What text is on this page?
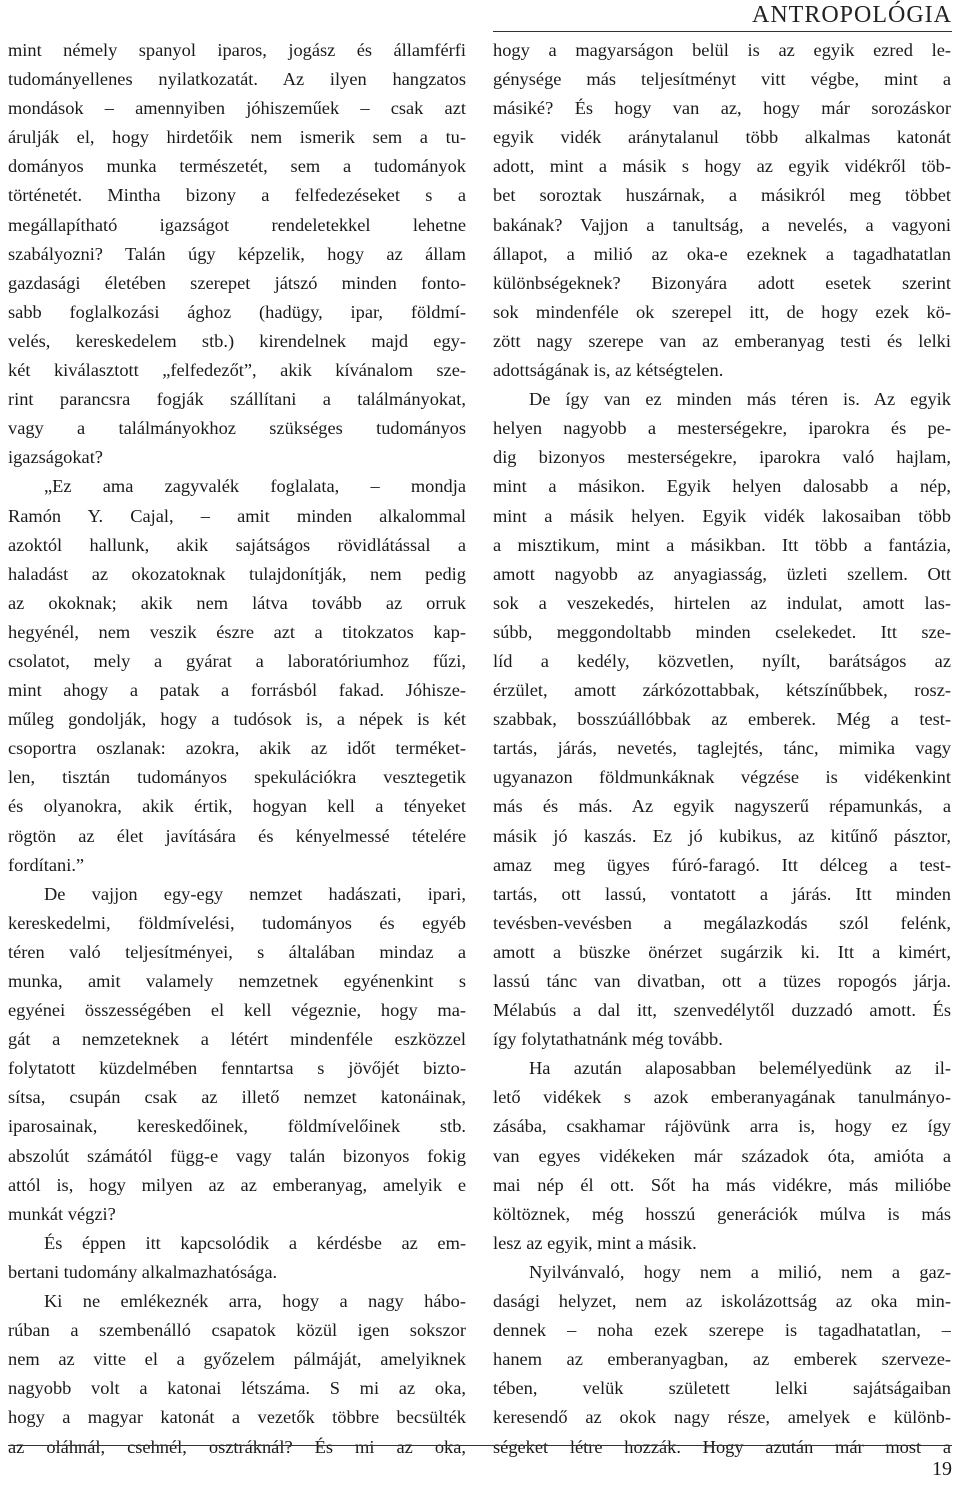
ANTROPOLÓGIA
mint némely spanyol iparos, jogász és államférfi
tudományellenes nyilatkozatát. Az ilyen hangzatos
mondások – amennyiben jóhiszeműek – csak azt
árulják el, hogy hirdetőik nem ismerik sem a tu-
dományos munka természetét, sem a tudományok
történetét. Mintha bizony a felfedezéseket s a
megállapítható igazságot rendeletekkel lehetne
szabályozni? Talán úgy képzelik, hogy az állam
gazdasági életében szerepet játszó minden fonto-
sabb foglalkozási ághoz (hadügy, ipar, földmí-
velés, kereskedelem stb.) kirendelnek majd egy-
két kiválasztott „felfedezőt”, akik kívánalom sze-
rint parancsra fogják szállítani a találmányokat,
vagy a találmányokhoz szükséges tudományos
igazságokat?
„Ez ama zagyvalék foglalata, – mondja
Ramón Y. Cajal, – amit minden alkalommal
azoktól hallunk, akik sajátságos rövidlátással a
haladást az okozatoknak tulajdonítják, nem pedig
az okoknak; akik nem látva tovább az orruk
hegyénél, nem veszik észre azt a titokzatos kap-
csolatot, mely a gyárat a laboratóriumhoz fűzi,
mint ahogy a patak a forrásból fakad. Jóhisze-
műleg gondolják, hogy a tudósok is, a népek is két
csoportra oszlanak: azokra, akik az időt terméket-
len, tisztán tudományos spekulációkra vesztegetik
és olyanokra, akik értik, hogyan kell a tényeket
rögtön az élet javítására és kényelmessé tételére
fordítani.”
De vajjon egy-egy nemzet hadászati, ipari,
kereskedelmi, földmívelési, tudományos és egyéb
téren való teljesítményei, s általában mindaz a
munka, amit valamely nemzetnek egyénenkint s
egyénei összességében el kell végeznie, hogy ma-
gát a nemzeteknek a létért mindenféle eszközzel
folytatott küzdelmében fenntartsa s jövőjét bizto-
sítsa, csupán csak az illető nemzet katonáinak,
iparosainak, kereskedőinek, földmívelőinek stb.
abszolút számától függ-e vagy talán bizonyos fokig
attól is, hogy milyen az az emberanyag, amelyik e
munkát végzi?
És éppen itt kapcsolódik a kérdésbe az em-
bertani tudomány alkalmazhatósága.
Ki ne emlékeznék arra, hogy a nagy hábo-
rúban a szembenálló csapatok közül igen sokszor
nem az vitte el a győzelem pálmáját, amelyiknek
nagyobb volt a katonai létszáma. S mi az oka,
hogy a magyar katonát a vezetők többre becsülték
az oláhnál, csehnél, osztráknál? És mi az oka,
hogy a magyarságon belül is az egyik ezred le-
génysége más teljesítményt vitt végbe, mint a
másiké? És hogy van az, hogy már sorozáskor
egyik vidék aránytalanul több alkalmas katonát
adott, mint a másik s hogy az egyik vidékről töb-
bet soroztak huszárnak, a másikról meg többet
bakának? Vajjon a tanultság, a nevelés, a vagyoni
állapot, a milió az oka-e ezeknek a tagadhatatlan
különbségeknek? Bizonyára adott esetek szerint
sok mindenféle ok szerepel itt, de hogy ezek kö-
zött nagy szerepe van az emberanyag testi és lelki
adottságának is, az kétségtelen.
De így van ez minden más téren is. Az egyik
helyen nagyobb a mesterségekre, iparokra és pe-
dig bizonyos mesterségekre, iparokra való hajlam,
mint a másikon. Egyik helyen dalosabb a nép,
mint a másik helyen. Egyik vidék lakosaiban több
a misztikum, mint a másikban. Itt több a fantázia,
amott nagyobb az anyagiasság, üzleti szellem. Ott
sok a veszekedés, hirtelen az indulat, amott las-
súbb, meggondoltabb minden cselekedet. Itt sze-
líd a kedély, közvetlen, nyílt, barátságos az
érzület, amott zárkózottabbak, kétszínűbbek, rosz-
szabbak, bosszúállóbbak az emberek. Még a test-
tartás, járás, nevetés, taglejtés, tánc, mimika vagy
ugyanazon földmunkáknak végzése is vidékenkint
más és más. Az egyik nagyszerű répamunkás, a
másik jó kaszás. Ez jó kubikus, az kitűnő pásztor,
amaz meg ügyes fúró-faragó. Itt délceg a test-
tartás, ott lassú, vontatott a járás. Itt minden
tevésben-vevésben a megálazkodás szól felénk,
amott a büszke önérzet sugárzik ki. Itt a kimért,
lassú tánc van divatban, ott a tüzes ropogós járja.
Mélabús a dal itt, szenvedélytől duzzadó amott. És
így folytathatnánk még tovább.
Ha azután alaposabban belemélyedünk az il-
lető vidékek s azok emberanyagának tanulmányo-
zásába, csakhamar rájövünk arra is, hogy ez így
van egyes vidékeken már századok óta, amióta a
mai nép él ott. Sőt ha más vidékre, más milióbe
költöznek, még hosszú generációk múlva is más
lesz az egyik, mint a másik.
Nyilvánvaló, hogy nem a milió, nem a gaz-
dasági helyzet, nem az iskolázottság az oka min-
dennek – noha ezek szerepe is tagadhatatlan, –
hanem az emberanyagban, az emberek szerveze-
tében, velük született lelki sajátságaiban
keresendő az okok nagy része, amelyek e különb-
ségeket létre hozzák. Hogy azután már most a
19
